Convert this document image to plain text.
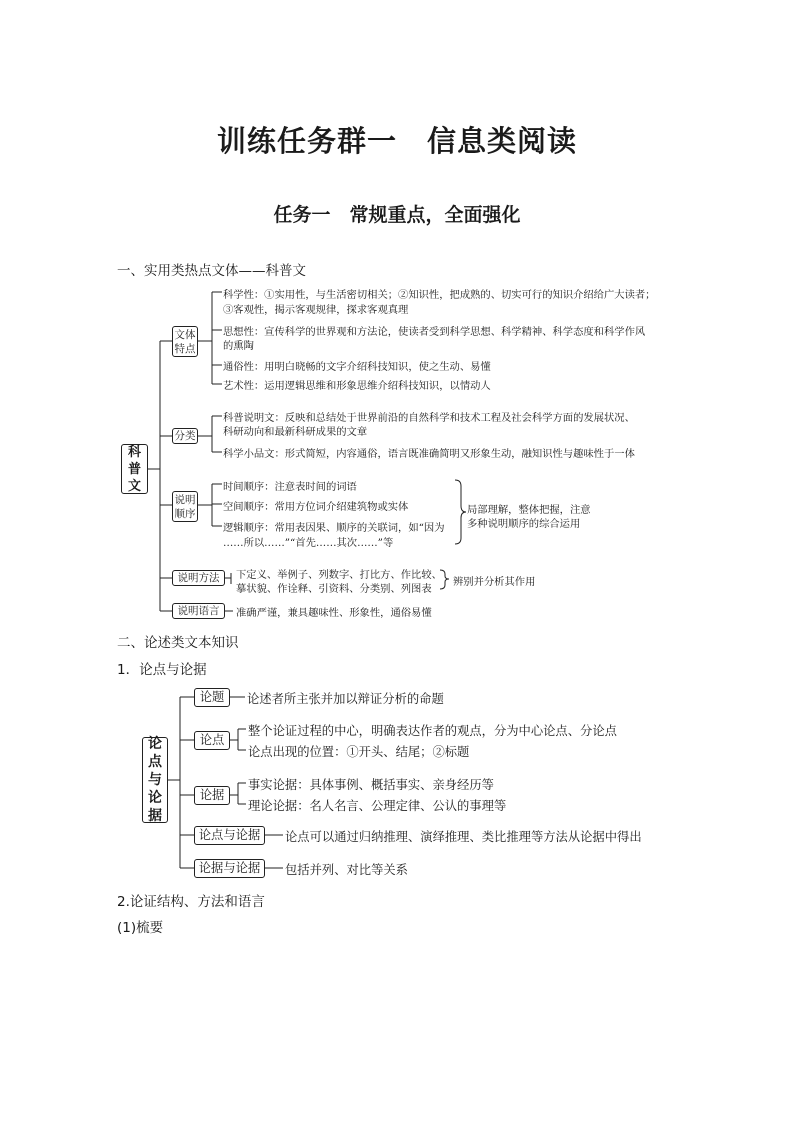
训练任务群一　信息类阅读
任务一　常规重点，全面强化
一、实用类热点文体——科普文
科普文
文体特点
分类
说明顺序
说明方法
说明语言
科学性：①实用性，与生活密切相关；②知识性，把成熟的、切实可行的知识介绍给广大读者；
③客观性，揭示客观规律，探求客观真理
思想性：宣传科学的世界观和方法论，使读者受到科学思想、科学精神、科学态度和科学作风
的熏陶
通俗性：用明白晓畅的文字介绍科技知识，使之生动、易懂
艺术性：运用逻辑思维和形象思维介绍科技知识，以情动人
科普说明文：反映和总结处于世界前沿的自然科学和技术工程及社会科学方面的发展状况、
科研动向和最新科研成果的文章
科学小品文：形式简短，内容通俗，语言既准确简明又形象生动，融知识性与趣味性于一体
时间顺序：注意表时间的词语
空间顺序：常用方位词介绍建筑物或实体
逻辑顺序：常用表因果、顺序的关联词，如“因为
……所以……”“首先……其次……”等
局部理解，整体把握，注意
多种说明顺序的综合运用
下定义、举例子、列数字、打比方、作比较、
摹状貌、作诠释、引资料、分类别、列图表
辨别并分析其作用
准确严谨，兼具趣味性、形象性，通俗易懂
二、论述类文本知识
1．论点与论据
论点与论据
论题
论点
论据
论点与论据
论据与论据
论述者所主张并加以辩证分析的命题
整个论证过程的中心，明确表达作者的观点，分为中心论点、分论点
论点出现的位置：①开头、结尾；②标题
事实论据：具体事例、概括事实、亲身经历等
理论论据：名人名言、公理定律、公认的事理等
论点可以通过归纳推理、演绎推理、类比推理等方法从论据中得出
包括并列、对比等关系
2.论证结构、方法和语言
(1)梳要
